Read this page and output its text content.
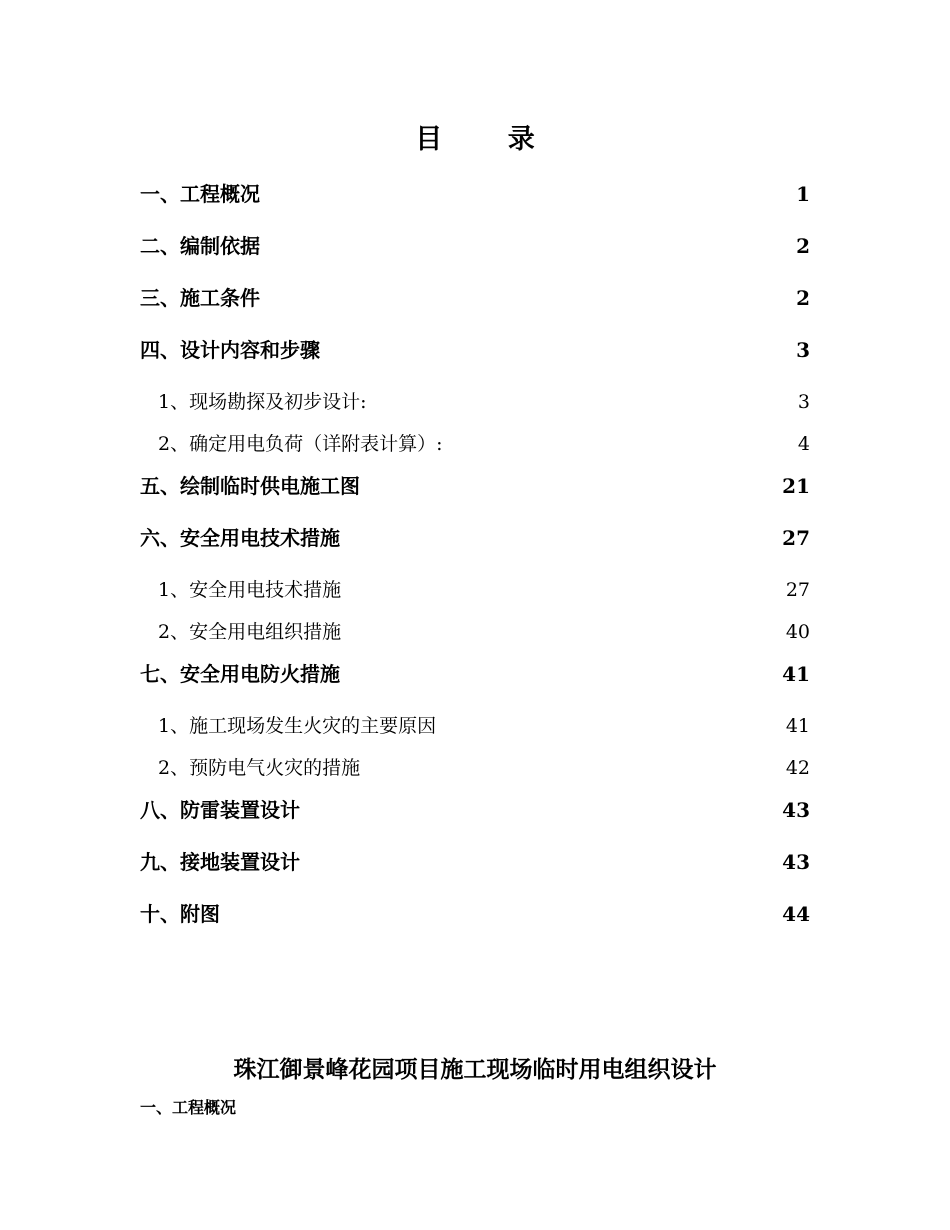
目 录
一、工程概况	1
二、编制依据	2
三、施工条件	2
四、设计内容和步骤	3
1、现场勘探及初步设计:	3
2、确定用电负荷（详附表计算）:	4
五、绘制临时供电施工图	21
六、安全用电技术措施	27
1、安全用电技术措施	27
2、安全用电组织措施	40
七、安全用电防火措施	41
1、施工现场发生火灾的主要原因	41
2、预防电气火灾的措施	42
八、防雷装置设计	43
九、接地装置设计	43
十、附图	44
珠江御景峰花园项目施工现场临时用电组织设计
一、工程概况
